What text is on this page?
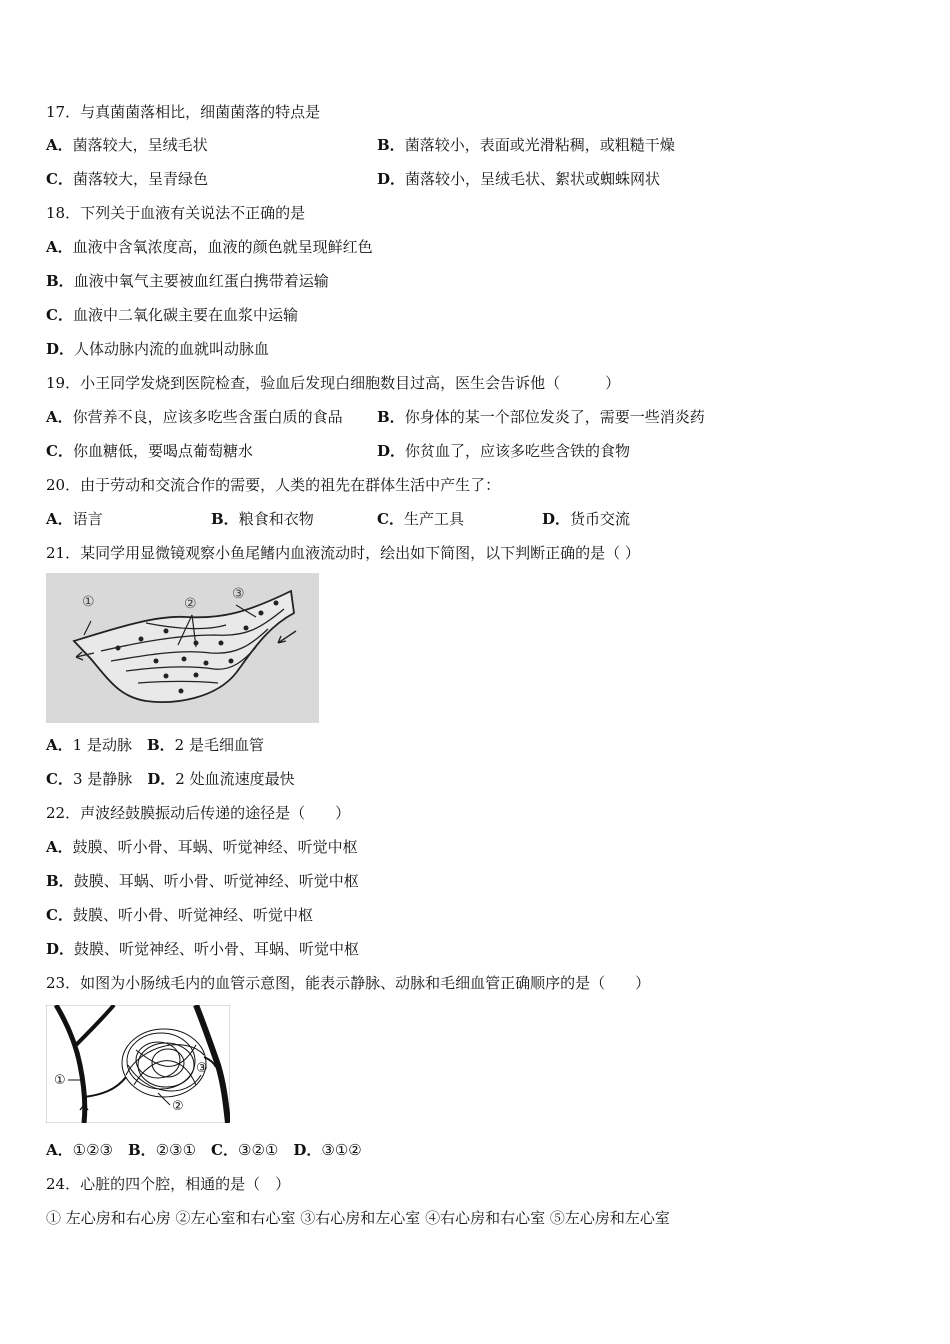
17．与真菌菌落相比，细菌菌落的特点是
A．菌落较大，呈绒毛状	B．菌落较小，表面或光滑粘稠，或粗糙干燥
C．菌落较大，呈青绿色	D．菌落较小，呈绒毛状、絮状或蜘蛛网状
18．下列关于血液有关说法不正确的是
A．血液中含氧浓度高，血液的颜色就呈现鲜红色
B．血液中氧气主要被血红蛋白携带着运输
C．血液中二氧化碳主要在血浆中运输
D．人体动脉内流的血就叫动脉血
19．小王同学发烧到医院检查，验血后发现白细胞数目过高，医生会告诉他（　　　）
A．你营养不良，应该多吃些含蛋白质的食品 B．你身体的某一个部位发炎了，需要一些消炎药
C．你血糖低，要喝点葡萄糖水	D．你贫血了，应该多吃些含铁的食物
20．由于劳动和交流合作的需要，人类的祖先在群体生活中产生了：
A．语言	B．粮食和衣物	C．生产工具	D．货币交流
21．某同学用显微镜观察小鱼尾鳍内血液流动时，绘出如下简图，以下判断正确的是（ ）
①	②
③
A．1 是动脉　 B．2 是毛细血管
C．3 是静脉　 D．2 处血流速度最快
22．声波经鼓膜振动后传递的途径是（　　）
A．鼓膜、听小骨、耳蜗、听觉神经、听觉中枢
B．鼓膜、耳蜗、听小骨、听觉神经、听觉中枢
C．鼓膜、听小骨、听觉神经、听觉中枢
D．鼓膜、听觉神经、听小骨、耳蜗、听觉中枢
23．如图为小肠绒毛内的血管示意图，能表示静脉、动脉和毛细血管正确顺序的是（　　）
①
②
③
A．①②③　 B．②③①　 C．③②①　 D．③①②
24．心脏的四个腔，相通的是（　）
① 左心房和右心房 ②左心室和右心室 ③右心房和左心室 ④右心房和右心室 ⑤左心房和左心室
